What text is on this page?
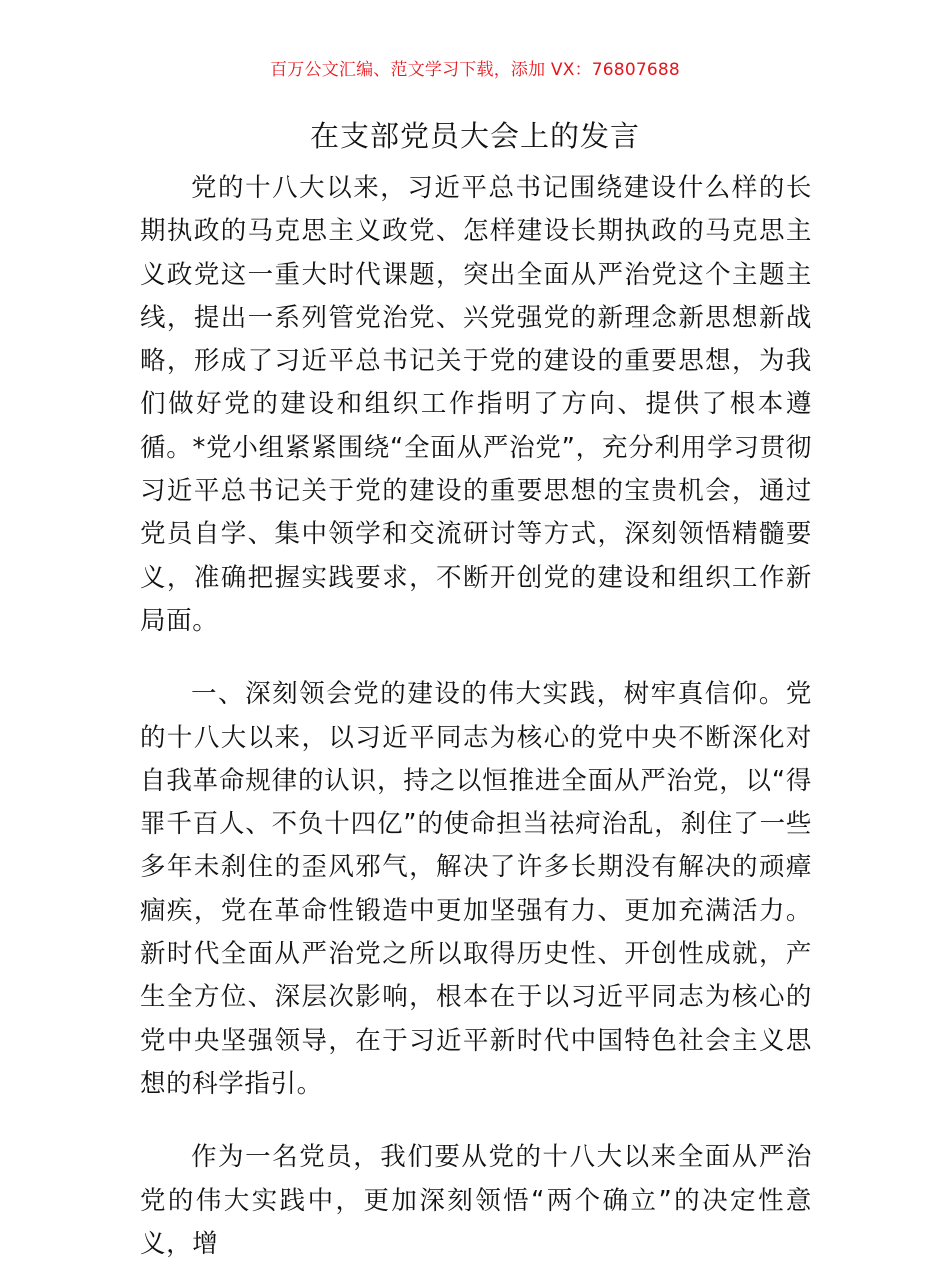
百万公文汇编、范文学习下载，添加 VX：76807688
在支部党员大会上的发言

党的十八大以来，习近平总书记围绕建设什么样的长期执政的马克思主义政党、怎样建设长期执政的马克思主义政党这一重大时代课题，突出全面从严治党这个主题主线，提出一系列管党治党、兴党强党的新理念新思想新战略，形成了习近平总书记关于党的建设的重要思想，为我们做好党的建设和组织工作指明了方向、提供了根本遵循。*党小组紧紧围绕“全面从严治党”，充分利用学习贯彻习近平总书记关于党的建设的重要思想的宝贵机会，通过党员自学、集中领学和交流研讨等方式，深刻领悟精髓要义，准确把握实践要求，不断开创党的建设和组织工作新局面。

一、深刻领会党的建设的伟大实践，树牢真信仰。党的十八大以来，以习近平同志为核心的党中央不断深化对自我革命规律的认识，持之以恒推进全面从严治党，以“得罪千百人、不负十四亿”的使命担当祛疴治乱，刹住了一些多年未刹住的歪风邪气，解决了许多长期没有解决的顽瘴痼疾，党在革命性锻造中更加坚强有力、更加充满活力。新时代全面从严治党之所以取得历史性、开创性成就，产生全方位、深层次影响，根本在于以习近平同志为核心的党中央坚强领导，在于习近平新时代中国特色社会主义思想的科学指引。

作为一名党员，我们要从党的十八大以来全面从严治党的伟大实践中，更加深刻领悟“两个确立”的决定性意义，增
